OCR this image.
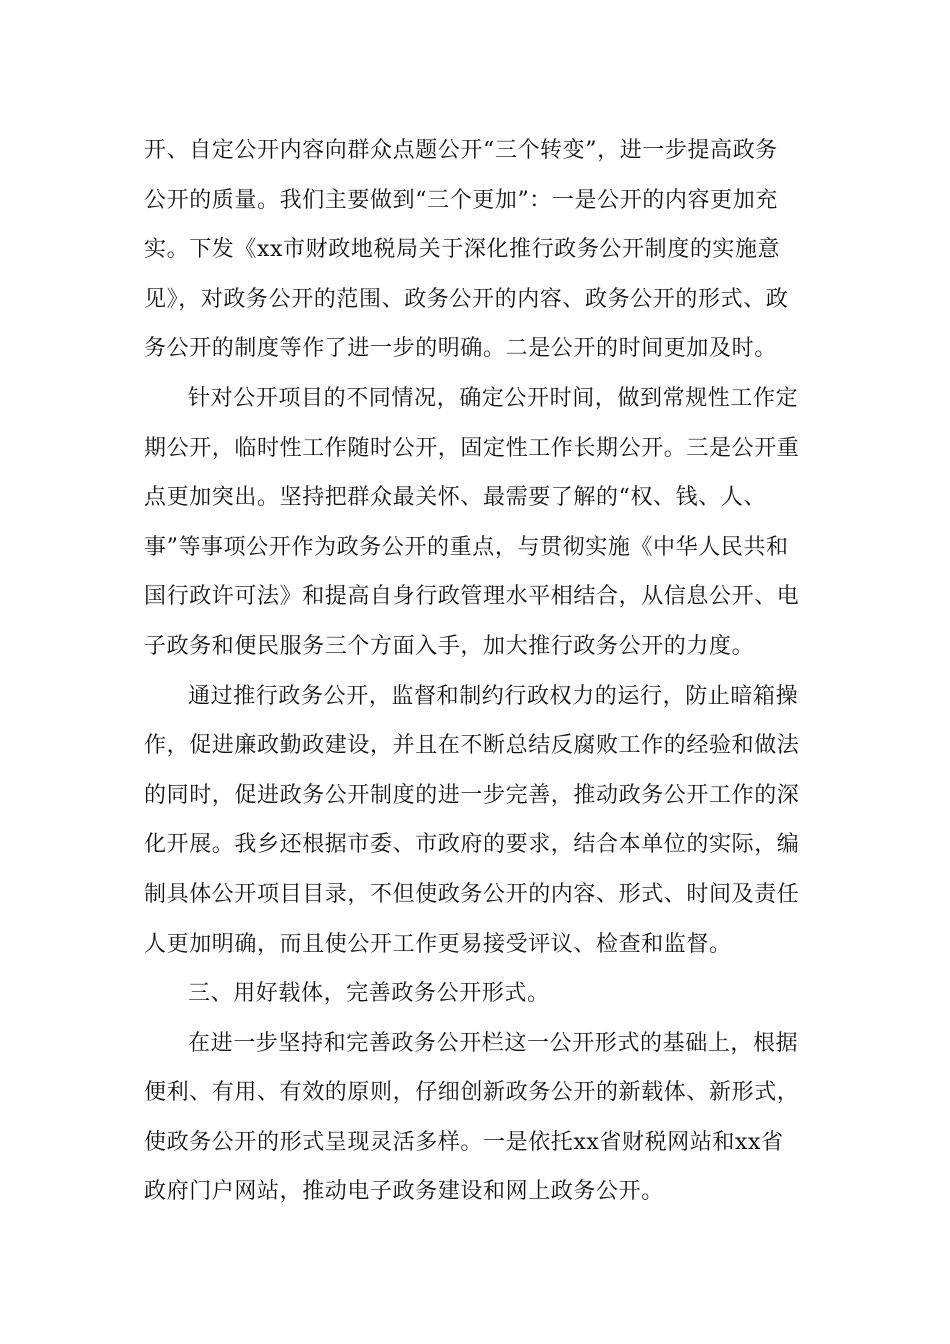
开、自定公开内容向群众点题公开“三个转变”，进一步提高政务
公开的质量。我们主要做到“三个更加”：一是公开的内容更加充
实。下发《xx市财政地税局关于深化推行政务公开制度的实施意
见》，对政务公开的范围、政务公开的内容、政务公开的形式、政
务公开的制度等作了进一步的明确。二是公开的时间更加及时。
针对公开项目的不同情况，确定公开时间，做到常规性工作定
期公开，临时性工作随时公开，固定性工作长期公开。三是公开重
点更加突出。坚持把群众最关怀、最需要了解的“权、钱、人、
事”等事项公开作为政务公开的重点，与贯彻实施《中华人民共和
国行政许可法》和提高自身行政管理水平相结合，从信息公开、电
子政务和便民服务三个方面入手，加大推行政务公开的力度。
通过推行政务公开，监督和制约行政权力的运行，防止暗箱操
作，促进廉政勤政建设，并且在不断总结反腐败工作的经验和做法
的同时，促进政务公开制度的进一步完善，推动政务公开工作的深
化开展。我乡还根据市委、市政府的要求，结合本单位的实际，编
制具体公开项目目录，不但使政务公开的内容、形式、时间及责任
人更加明确，而且使公开工作更易接受评议、检查和监督。
三、用好载体，完善政务公开形式。
在进一步坚持和完善政务公开栏这一公开形式的基础上，根据
便利、有用、有效的原则，仔细创新政务公开的新载体、新形式，
使政务公开的形式呈现灵活多样。一是依托xx省财税网站和xx省
政府门户网站，推动电子政务建设和网上政务公开。
